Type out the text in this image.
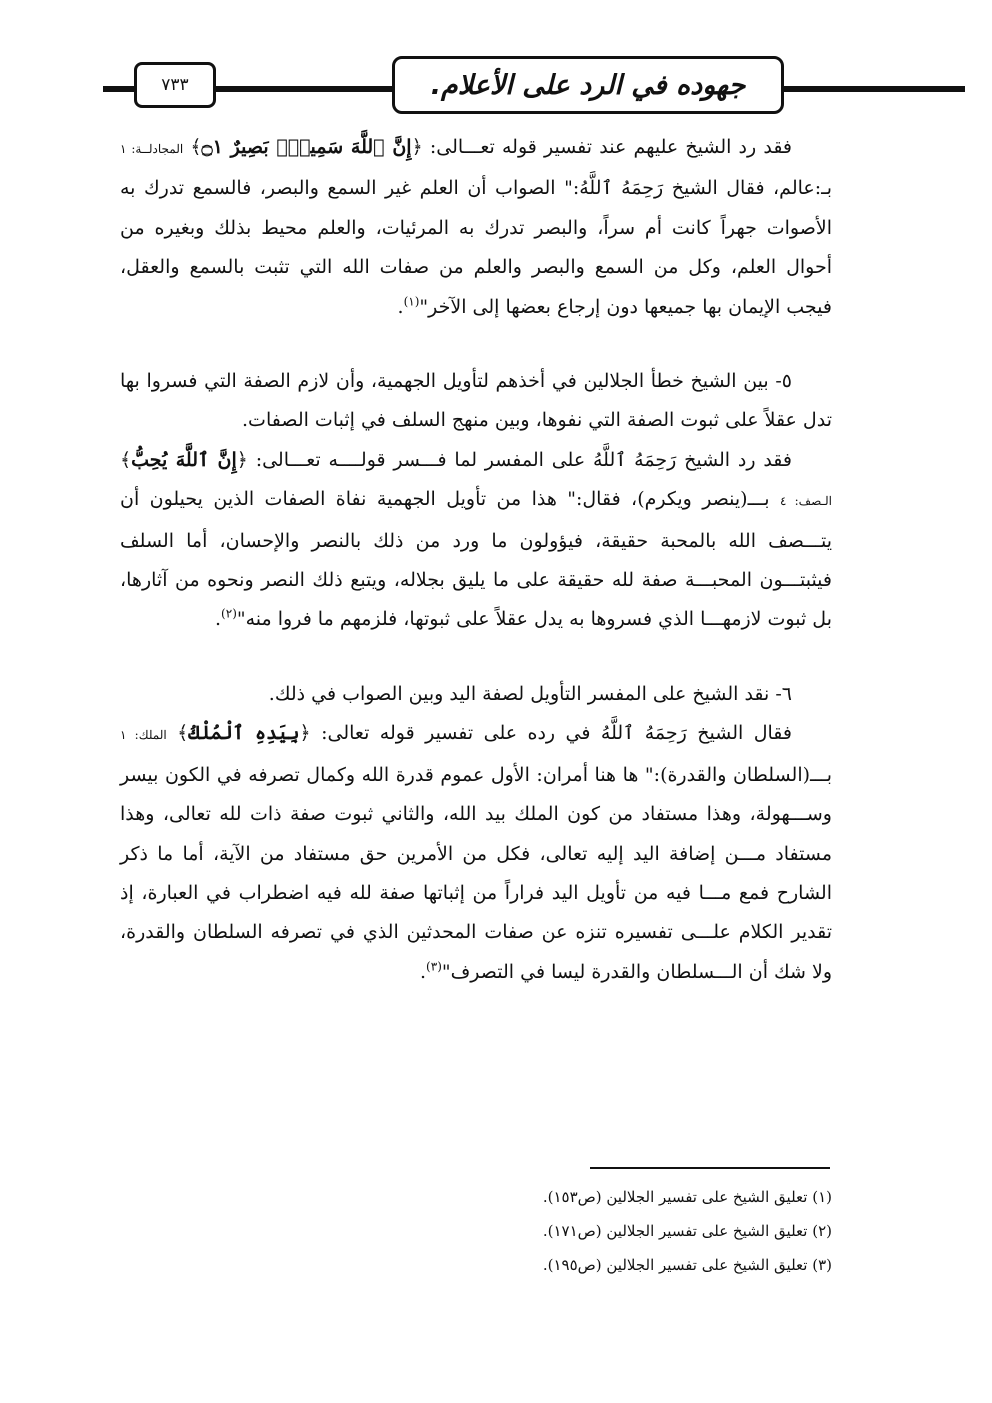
٧٣٣	جهوده في الرد على الأعلام.

فقد رد الشيخ عليهم عند تفسير قوله تعـــالى: ﴿إِنَّ ٱللَّهَ سَمِيعٌۢ بَصِيرٌ ۝١﴾ المجادلــة: ١ بـ:عالم، فقال الشيخ رَحِمَهُ ٱللَّهُ:" الصواب أن العلم غير السمع والبصر، فالسمع تدرك به الأصوات جهراً كانت أم سراً، والبصر تدرك به المرئيات، والعلم محيط بذلك وبغيره من أحوال العلم، وكل من السمع والبصر والعلم من صفات الله التي تثبت بالسمع والعقل، فيجب الإيمان بها جميعها دون إرجاع بعضها إلى الآخر"$^{(١)}$.

٥- بين الشيخ خطأ الجلالين في أخذهم لتأويل الجهمية، وأن لازم الصفة التي فسروا بها تدل عقلاً على ثبوت الصفة التي نفوها، وبين منهج السلف في إثبات الصفات.

فقد رد الشيخ رَحِمَهُ ٱللَّهُ على المفسر لما فـــسر قولــــه تعـــالى: ﴿إِنَّ ٱللَّهَ يُحِبُّ﴾ الـصف: ٤ بـــ(ينصر ويكرم)، فقال:" هذا من تأويل الجهمية نفاة الصفات الذين يحيلون أن يتـــصف الله بالمحبة حقيقة، فيؤولون ما ورد من ذلك بالنصر والإحسان، أما السلف فيثبتـــون المحبـــة صفة لله حقيقة على ما يليق بجلاله، ويتبع ذلك النصر ونحوه من آثارها، بل ثبوت لازمهـــا الذي فسروها به يدل عقلاً على ثبوتها، فلزمهم ما فروا منه"$^{(٢)}$.

٦- نقد الشيخ على المفسر التأويل لصفة اليد وبين الصواب في ذلك.

فقال الشيخ رَحِمَهُ ٱللَّهُ في رده على تفسير قوله تعالى: ﴿بِيَدِهِ ٱلْمُلْكُ﴾ الملك: ١ بـــ(السلطان والقدرة):" ها هنا أمران: الأول عموم قدرة الله وكمال تصرفه في الكون بيسر وســـهولة، وهذا مستفاد من كون الملك بيد الله، والثاني ثبوت صفة ذات لله تعالى، وهذا مستفاد مـــن إضافة اليد إليه تعالى، فكل من الأمرين حق مستفاد من الآية، أما ما ذكر الشارح فمع مـــا فيه من تأويل اليد فراراً من إثباتها صفة لله فيه اضطراب في العبارة، إذ تقدير الكلام علـــى تفسيره تنزه عن صفات المحدثين الذي في تصرفه السلطان والقدرة، ولا شك أن الـــسلطان والقدرة ليسا في التصرف"$^{(٣)}$.

(١) تعليق الشيخ على تفسير الجلالين (ص١٥٣).

(٢) تعليق الشيخ على تفسير الجلالين (ص١٧١).

(٣) تعليق الشيخ على تفسير الجلالين (ص١٩٥).
